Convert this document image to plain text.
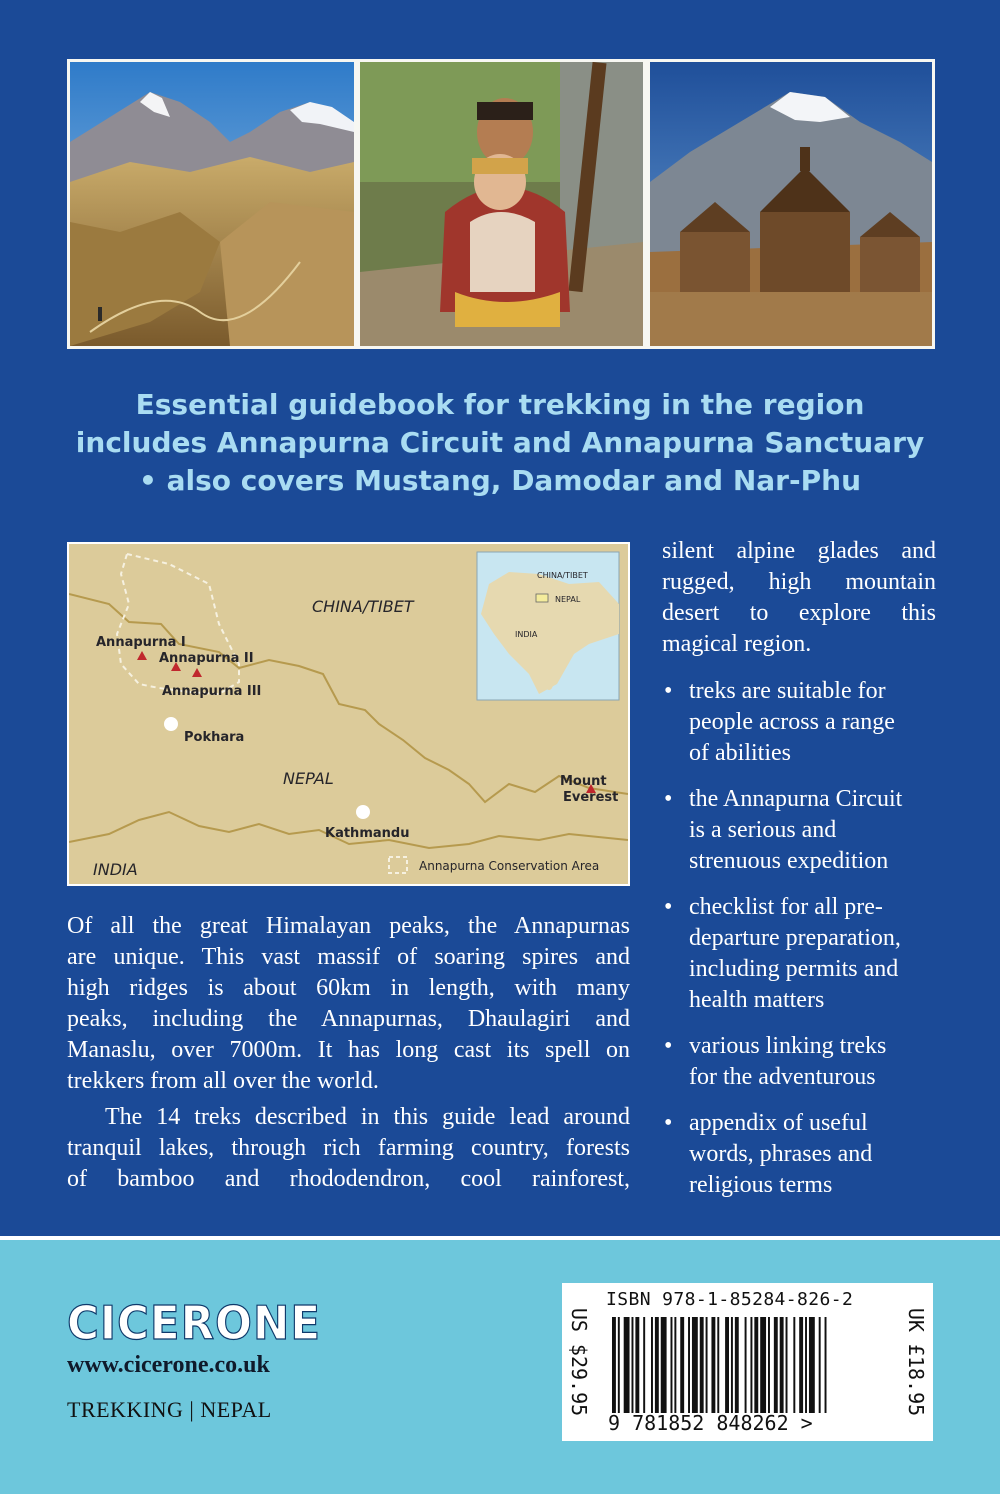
Essential guidebook for trekking in the region
includes Annapurna Circuit and Annapurna Sanctuary
• also covers Mustang, Damodar and Nar-Phu
CHINA/TIBET
NEPAL
INDIA
Annapurna I
Annapurna II
Annapurna III
Pokhara
Kathmandu
Mount
Everest
Annapurna Conservation Area
CHINA/TIBET
NEPAL
INDIA
silent alpine glades and
rugged, high mountain
desert to explore this
magical region.
• treks are suitable for
people across a range
of abilities
• the Annapurna Circuit
is a serious and
strenuous expedition
• checklist for all pre-
departure preparation,
including permits and
health matters
• various linking treks
for the adventurous
• appendix of useful
words, phrases and
religious terms
Of all the great Himalayan peaks, the Annapurnas
are unique. This vast massif of soaring spires and
high ridges is about 60km in length, with many
peaks, including the Annapurnas, Dhaulagiri and
Manaslu, over 7000m. It has long cast its spell on
trekkers from all over the world.
The 14 treks described in this guide lead around
tranquil lakes, through rich farming country, forests
of bamboo and rhododendron, cool rainforest,
CICERONE
www.cicerone.co.uk
TREKKING | NEPAL	US $29.95
ISBN 978-1-85284-826-2
9 781852 848262 >
UK £18.95
